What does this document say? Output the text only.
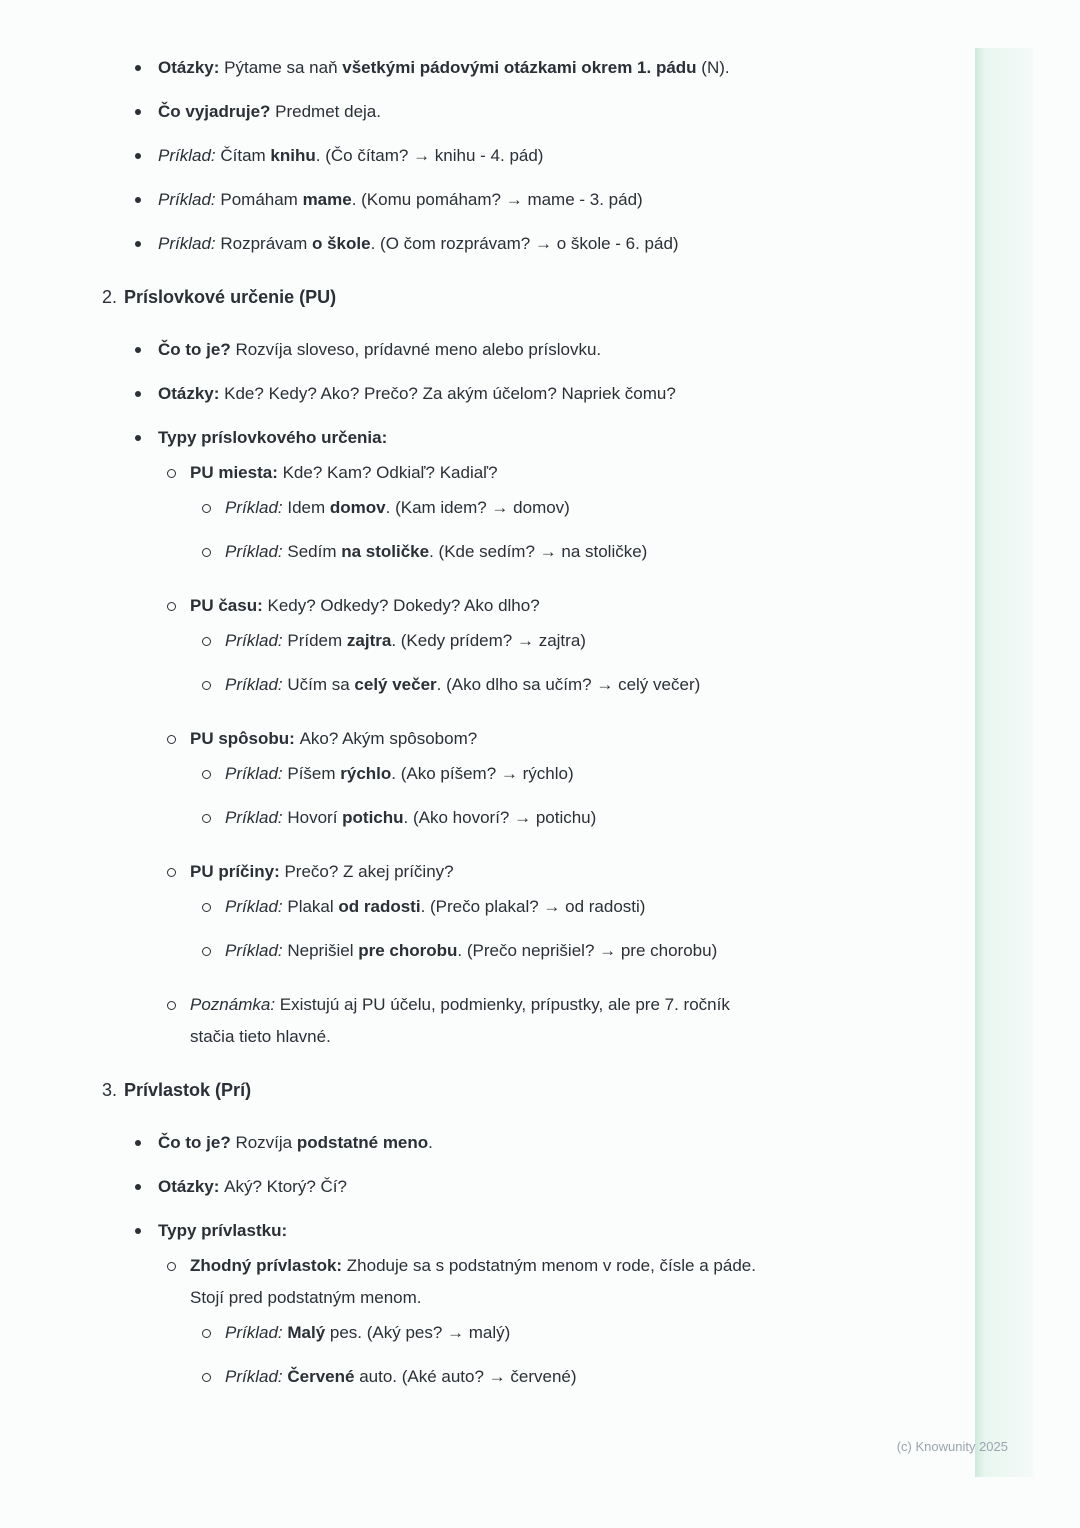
Otázky: Pýtame sa naň všetkými pádovými otázkami okrem 1. pádu (N).
Čo vyjadruje? Predmet deja.
Príklad: Čítam knihu. (Čo čítam? → knihu - 4. pád)
Príklad: Pomáham mame. (Komu pomáham? → mame - 3. pád)
Príklad: Rozprávam o škole. (O čom rozprávam? → o škole - 6. pád)
2. Príslovkové určenie (PU)
Čo to je? Rozvíja sloveso, prídavné meno alebo príslovku.
Otázky: Kde? Kedy? Ako? Prečo? Za akým účelom? Napriek čomu?
Typy príslovkového určenia:
PU miesta: Kde? Kam? Odkiaľ? Kadiaľ?
Príklad: Idem domov. (Kam idem? → domov)
Príklad: Sedím na stoličke. (Kde sedím? → na stoličke)
PU času: Kedy? Odkedy? Dokedy? Ako dlho?
Príklad: Prídem zajtra. (Kedy prídem? → zajtra)
Príklad: Učím sa celý večer. (Ako dlho sa učím? → celý večer)
PU spôsobu: Ako? Akým spôsobom?
Príklad: Píšem rýchlo. (Ako píšem? → rýchlo)
Príklad: Hovorí potichu. (Ako hovorí? → potichu)
PU príčiny: Prečo? Z akej príčiny?
Príklad: Plakal od radosti. (Prečo plakal? → od radosti)
Príklad: Neprišiel pre chorobu. (Prečo neprišiel? → pre chorobu)
Poznámka: Existujú aj PU účelu, podmienky, prípustky, ale pre 7. ročník stačia tieto hlavné.
3. Prívlastok (Prí)
Čo to je? Rozvíja podstatné meno.
Otázky: Aký? Ktorý? Čí?
Typy prívlastku:
Zhodný prívlastok: Zhoduje sa s podstatným menom v rode, čísle a páde. Stojí pred podstatným menom.
Príklad: Malý pes. (Aký pes? → malý)
Príklad: Červené auto. (Aké auto? → červené)
(c) Knowunity 2025
